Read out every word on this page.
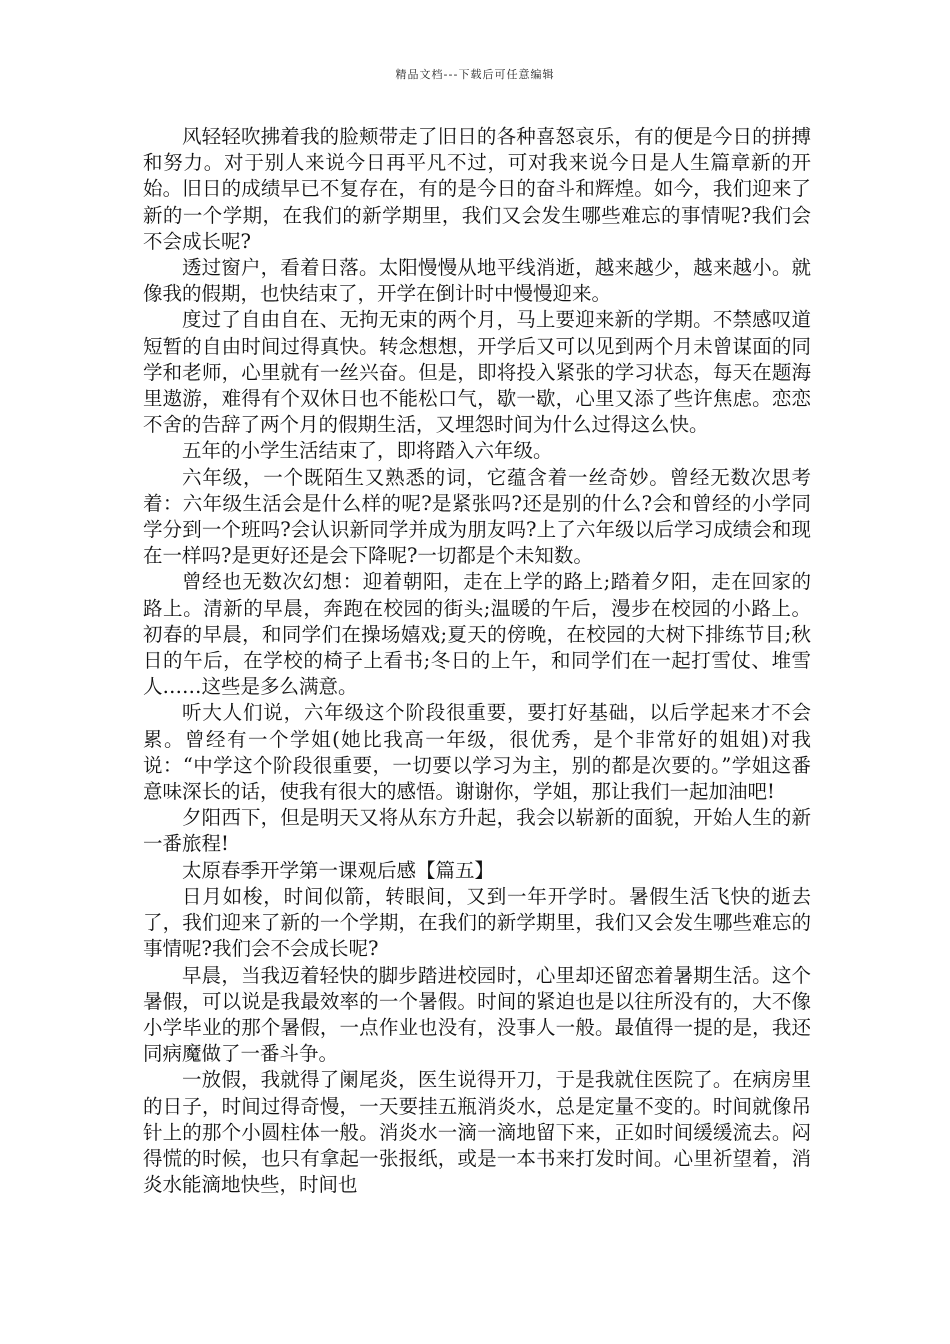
精品文档---下载后可任意编辑

风轻轻吹拂着我的脸颊带走了旧日的各种喜怒哀乐，有的便是今日的拼搏和努力。对于别人来说今日再平凡不过，可对我来说今日是人生篇章新的开始。旧日的成绩早已不复存在，有的是今日的奋斗和辉煌。如今，我们迎来了新的一个学期，在我们的新学期里，我们又会发生哪些难忘的事情呢?我们会不会成长呢?

透过窗户，看着日落。太阳慢慢从地平线消逝，越来越少，越来越小。就像我的假期，也快结束了，开学在倒计时中慢慢迎来。

度过了自由自在、无拘无束的两个月，马上要迎来新的学期。不禁感叹道短暂的自由时间过得真快。转念想想，开学后又可以见到两个月未曾谋面的同学和老师，心里就有一丝兴奋。但是，即将投入紧张的学习状态，每天在题海里遨游，难得有个双休日也不能松口气，歇一歇，心里又添了些许焦虑。恋恋不舍的告辞了两个月的假期生活，又埋怨时间为什么过得这么快。

五年的小学生活结束了，即将踏入六年级。

六年级，一个既陌生又熟悉的词，它蕴含着一丝奇妙。曾经无数次思考着：六年级生活会是什么样的呢?是紧张吗?还是别的什么?会和曾经的小学同学分到一个班吗?会认识新同学并成为朋友吗?上了六年级以后学习成绩会和现在一样吗?是更好还是会下降呢?一切都是个未知数。

曾经也无数次幻想：迎着朝阳，走在上学的路上;踏着夕阳，走在回家的路上。清新的早晨，奔跑在校园的街头;温暖的午后，漫步在校园的小路上。初春的早晨，和同学们在操场嬉戏;夏天的傍晚，在校园的大树下排练节目;秋日的午后，在学校的椅子上看书;冬日的上午，和同学们在一起打雪仗、堆雪人……这些是多么满意。

听大人们说，六年级这个阶段很重要，要打好基础，以后学起来才不会累。曾经有一个学姐(她比我高一年级，很优秀，是个非常好的姐姐)对我说：“中学这个阶段很重要，一切要以学习为主，别的都是次要的。”学姐这番意味深长的话，使我有很大的感悟。谢谢你，学姐，那让我们一起加油吧!

夕阳西下，但是明天又将从东方升起，我会以崭新的面貌，开始人生的新一番旅程!

太原春季开学第一课观后感【篇五】

日月如梭，时间似箭，转眼间，又到一年开学时。暑假生活飞快的逝去了，我们迎来了新的一个学期，在我们的新学期里，我们又会发生哪些难忘的事情呢?我们会不会成长呢?

早晨，当我迈着轻快的脚步踏进校园时，心里却还留恋着暑期生活。这个暑假，可以说是我最效率的一个暑假。时间的紧迫也是以往所没有的，大不像小学毕业的那个暑假，一点作业也没有，没事人一般。最值得一提的是，我还同病魔做了一番斗争。

一放假，我就得了阑尾炎，医生说得开刀，于是我就住医院了。在病房里的日子，时间过得奇慢，一天要挂五瓶消炎水，总是定量不变的。时间就像吊针上的那个小圆柱体一般。消炎水一滴一滴地留下来，正如时间缓缓流去。闷得慌的时候，也只有拿起一张报纸，或是一本书来打发时间。心里祈望着，消炎水能滴地快些，时间也
